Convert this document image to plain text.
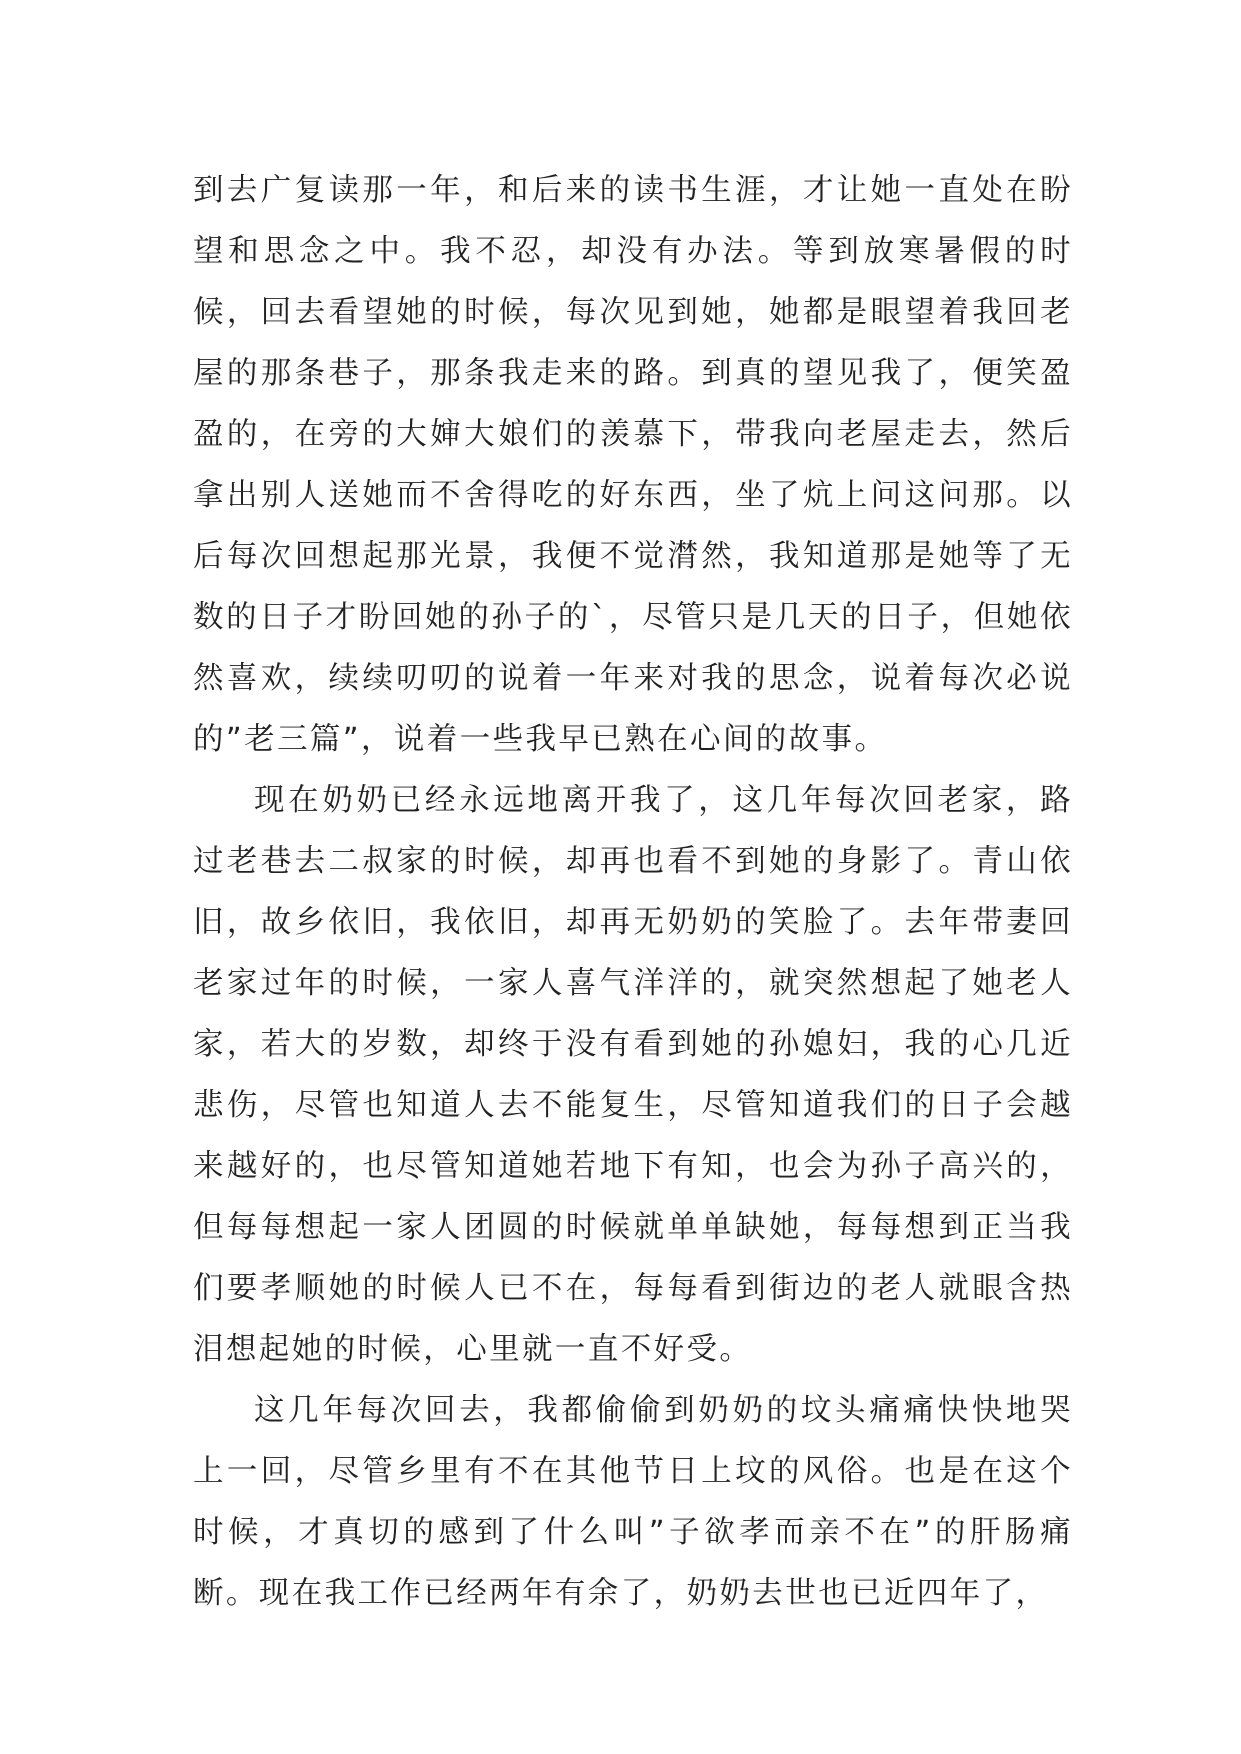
到去广复读那一年，和后来的读书生涯，才让她一直处在盼望和思念之中。我不忍，却没有办法。等到放寒暑假的时候，回去看望她的时候，每次见到她，她都是眼望着我回老屋的那条巷子，那条我走来的路。到真的望见我了，便笑盈盈的，在旁的大婶大娘们的羡慕下，带我向老屋走去，然后拿出别人送她而不舍得吃的好东西，坐了炕上问这问那。以后每次回想起那光景，我便不觉潸然，我知道那是她等了无数的日子才盼回她的孙子的`，尽管只是几天的日子，但她依然喜欢，续续叨叨的说着一年来对我的思念，说着每次必说的”老三篇”，说着一些我早已熟在心间的故事。

现在奶奶已经永远地离开我了，这几年每次回老家，路过老巷去二叔家的时候，却再也看不到她的身影了。青山依旧，故乡依旧，我依旧，却再无奶奶的笑脸了。去年带妻回老家过年的时候，一家人喜气洋洋的，就突然想起了她老人家，若大的岁数，却终于没有看到她的孙媳妇，我的心几近悲伤，尽管也知道人去不能复生，尽管知道我们的日子会越来越好的，也尽管知道她若地下有知，也会为孙子高兴的，但每每想起一家人团圆的时候就单单缺她，每每想到正当我们要孝顺她的时候人已不在，每每看到街边的老人就眼含热泪想起她的时候，心里就一直不好受。

这几年每次回去，我都偷偷到奶奶的坟头痛痛快快地哭上一回，尽管乡里有不在其他节日上坟的风俗。也是在这个时候，才真切的感到了什么叫”子欲孝而亲不在”的肝肠痛断。现在我工作已经两年有余了，奶奶去世也已近四年了，
